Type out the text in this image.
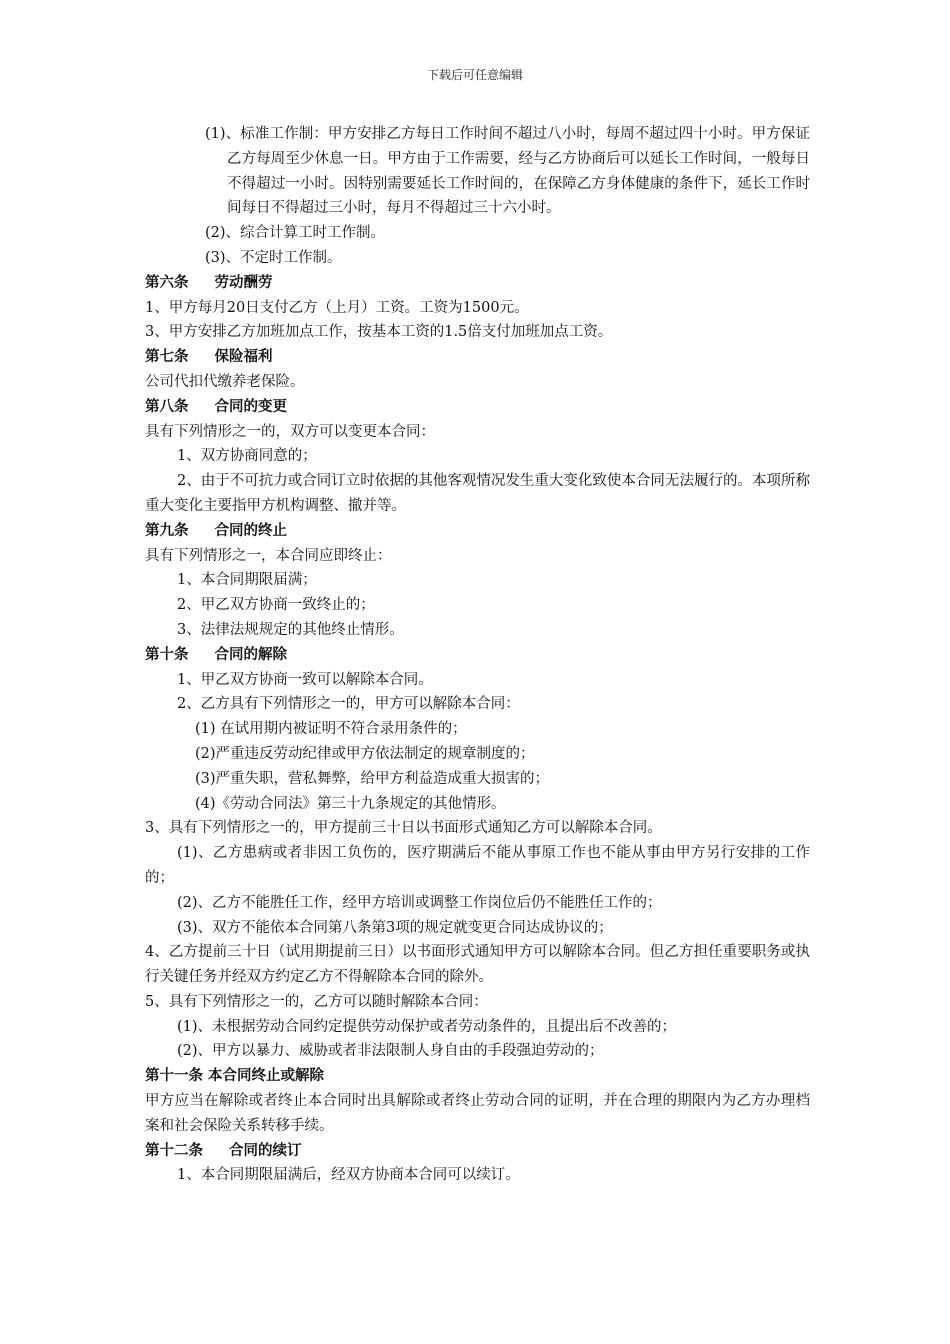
下载后可任意编辑

(1)、标准工作制：甲方安排乙方每日工作时间不超过八小时，每周不超过四十小时。甲方保证乙方每周至少休息一日。甲方由于工作需要，经与乙方协商后可以延长工作时间，一般每日不得超过一小时。因特别需要延长工作时间的，在保障乙方身体健康的条件下，延长工作时间每日不得超过三小时，每月不得超过三十六小时。

(2)、综合计算工时工作制。

(3)、不定时工作制。

第六条 劳动酬劳

1、甲方每月20日支付乙方（上月）工资。工资为1500元。

3、甲方安排乙方加班加点工作，按基本工资的1.5倍支付加班加点工资。

第七条 保险福利

公司代扣代缴养老保险。

第八条 合同的变更

具有下列情形之一的，双方可以变更本合同：

1、双方协商同意的；

2、由于不可抗力或合同订立时依据的其他客观情况发生重大变化致使本合同无法履行的。本项所称重大变化主要指甲方机构调整、撤并等。

第九条 合同的终止

具有下列情形之一，本合同应即终止：

1、本合同期限届满；

2、甲乙双方协商一致终止的；

3、法律法规规定的其他终止情形。

第十条 合同的解除

1、甲乙双方协商一致可以解除本合同。

2、乙方具有下列情形之一的，甲方可以解除本合同：

(1) 在试用期内被证明不符合录用条件的；

(2)严重违反劳动纪律或甲方依法制定的规章制度的；

(3)严重失职，营私舞弊，给甲方利益造成重大损害的；

(4)《劳动合同法》第三十九条规定的其他情形。

3、具有下列情形之一的，甲方提前三十日以书面形式通知乙方可以解除本合同。

(1)、乙方患病或者非因工负伤的，医疗期满后不能从事原工作也不能从事由甲方另行安排的工作的；

(2)、乙方不能胜任工作，经甲方培训或调整工作岗位后仍不能胜任工作的；

(3)、双方不能依本合同第八条第3项的规定就变更合同达成协议的；

4、乙方提前三十日（试用期提前三日）以书面形式通知甲方可以解除本合同。但乙方担任重要职务或执行关键任务并经双方约定乙方不得解除本合同的除外。

5、具有下列情形之一的，乙方可以随时解除本合同：

(1)、未根据劳动合同约定提供劳动保护或者劳动条件的，且提出后不改善的；

(2)、甲方以暴力、威胁或者非法限制人身自由的手段强迫劳动的；

第十一条 本合同终止或解除

甲方应当在解除或者终止本合同时出具解除或者终止劳动合同的证明，并在合理的期限内为乙方办理档案和社会保险关系转移手续。

第十二条 合同的续订

1、本合同期限届满后，经双方协商本合同可以续订。
